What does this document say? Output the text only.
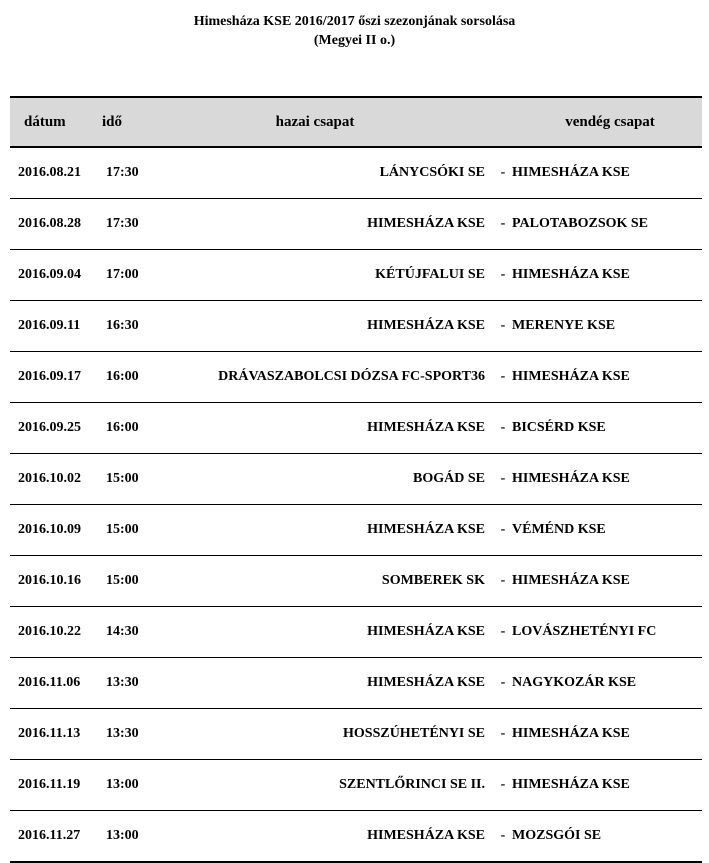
Himesháza KSE 2016/2017 őszi szezonjának sorsolása
(Megyei II o.)
dátum	idő	hazai csapat	vendég csapat
2016.08.21	17:30	LÁNYCSÓKI SE - HIMESHÁZA KSE
2016.08.28	17:30	HIMESHÁZA KSE - PALOTABOZSOK SE
2016.09.04	17:00	KÉTÚJFALUI SE - HIMESHÁZA KSE
2016.09.11	16:30	HIMESHÁZA KSE - MERENYE KSE
2016.09.17	16:00	DRÁVASZABOLCSI DÓZSA FC-SPORT36 - HIMESHÁZA KSE
2016.09.25	16:00	HIMESHÁZA KSE - BICSÉRD KSE
2016.10.02	15:00	BOGÁD SE - HIMESHÁZA KSE
2016.10.09	15:00	HIMESHÁZA KSE - VÉMÉND KSE
2016.10.16	15:00	SOMBEREK SK - HIMESHÁZA KSE
2016.10.22	14:30	HIMESHÁZA KSE - LOVÁSZHETÉNYI FC
2016.11.06	13:30	HIMESHÁZA KSE - NAGYKOZÁR KSE
2016.11.13	13:30	HOSSZÚHETÉNYI SE - HIMESHÁZA KSE
2016.11.19	13:00	SZENTLŐRINCI SE II. - HIMESHÁZA KSE
2016.11.27	13:00	HIMESHÁZA KSE - MOZSGÓI SE
